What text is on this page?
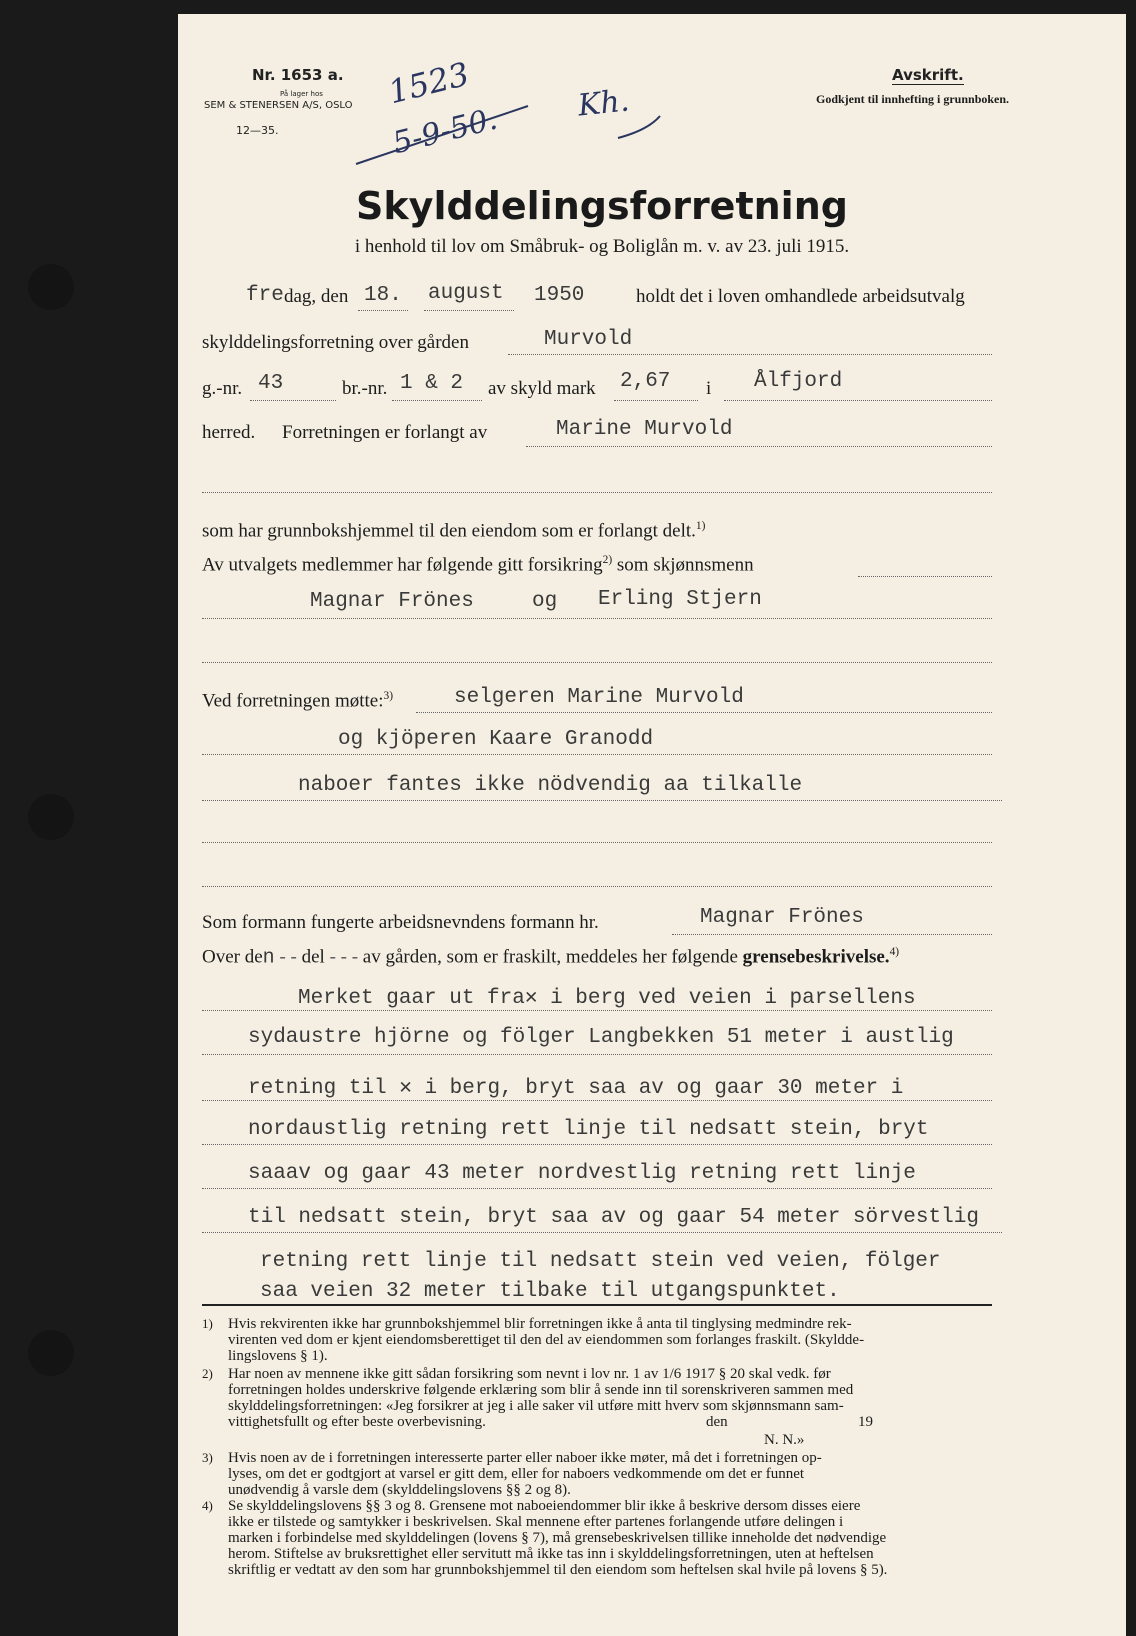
Nr. 1653 a.
På lager hos
SEM & STENERSEN A/S, OSLO
12—35.
Avskrift.
Godkjent til innhefting i grunnboken.
1523
5-9-50.	Kh.
Skylddelingsforretning
i henhold til lov om Småbruk- og Boliglån m. v. av 23. juli 1915.
fre dag, den 18. august 1950	holdt det i loven omhandlede arbeidsutvalg
skylddelingsforretning over gården	Murvold
g.-nr. 43	br.-nr. 1 & 2 av skyld mark 2,67 i Ålfjord
herred. Forretningen er forlangt av	Marine Murvold
som har grunnbokshjemmel til den eiendom som er forlangt delt.$^{1)}$
Av utvalgets medlemmer har følgende gitt forsikring$^{2)}$ som skjønnsmenn
Magnar Frönes	og Erling Stjern
Ved forretningen møtte:$^{3)}$	selgeren Marine Murvold
og kjöperen Kaare Granodd
naboer fantes ikke nödvendig aa tilkalle
Som formann fungerte arbeidsnevndens formann hr.	Magnar Frönes
Over den - - del - - - av gården, som er fraskilt, meddeles her følgende grensebeskrivelse.$^{4)}$
Merket gaar ut fra✕ i berg ved veien i parsellens
sydaustre hjörne og fölger Langbekken 51 meter i austlig
retning til ✕ i berg, bryt saa av og gaar 30 meter i
nordaustlig retning rett linje til nedsatt stein, bryt
saaav og gaar 43 meter nordvestlig retning rett linje
til nedsatt stein, bryt saa av og gaar 54 meter sörvestlig
retning rett linje til nedsatt stein ved veien, fölger
saa veien 32 meter tilbake til utgangspunktet.
1) Hvis rekvirenten ikke har grunnbokshjemmel blir forretningen ikke å anta til tinglysing medmindre rek-
virenten ved dom er kjent eiendomsberettiget til den del av eiendommen som forlanges fraskilt. (Skyldde-
lingslovens § 1).
2) Har noen av mennene ikke gitt sådan forsikring som nevnt i lov nr. 1 av 1/6 1917 § 20 skal vedk. før
forretningen holdes underskrive følgende erklæring som blir å sende inn til sorenskriveren sammen med
skylddelingsforretningen: «Jeg forsikrer at jeg i alle saker vil utføre mitt hverv som skjønnsmann sam-
vittighetsfullt og efter beste overbevisning.	den	19
N. N.»
3) Hvis noen av de i forretningen interesserte parter eller naboer ikke møter, må det i forretningen op-
lyses, om det er godtgjort at varsel er gitt dem, eller for naboers vedkommende om det er funnet
unødvendig å varsle dem (skylddelingslovens §§ 2 og 8).
4) Se skylddelingslovens §§ 3 og 8. Grensene mot naboeiendommer blir ikke å beskrive dersom disses eiere
ikke er tilstede og samtykker i beskrivelsen. Skal mennene efter partenes forlangende utføre delingen i
marken i forbindelse med skylddelingen (lovens § 7), må grensebeskrivelsen tillike inneholde det nødvendige
herom. Stiftelse av bruksrettighet eller servitutt må ikke tas inn i skylddelingsforretningen, uten at heftelsen
skriftlig er vedtatt av den som har grunnbokshjemmel til den eiendom som heftelsen skal hvile på lovens § 5).
